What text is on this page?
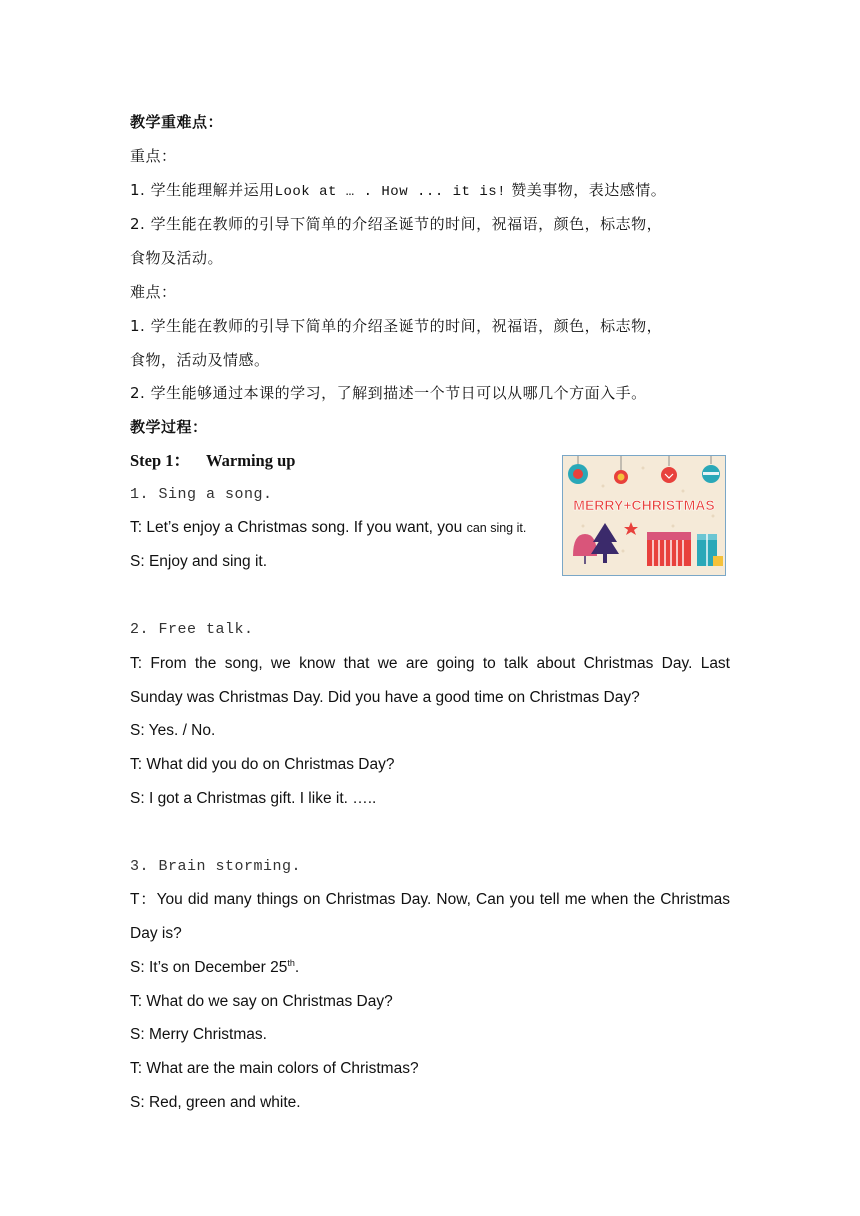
教学重难点：
重点：
1. 学生能理解并运用Look at … . How ... it is! 赞美事物，表达感情。
2. 学生能在教师的引导下简单的介绍圣诞节的时间，祝福语，颜色，标志物，
食物及活动。
难点：
1. 学生能在教师的引导下简单的介绍圣诞节的时间，祝福语，颜色，标志物，
食物，活动及情感。
2. 学生能够通过本课的学习，了解到描述一个节日可以从哪几个方面入手。
教学过程：
Step 1： Warming up
1. Sing a song.
T: Let’s enjoy a Christmas song. If you want, you can sing it.
S: Enjoy and sing it.
MERRY+CHRISTMAS
2. Free talk.
T: From the song, we know that we are going to talk about Christmas Day. Last
Sunday was Christmas Day. Did you have a good time on Christmas Day?
S: Yes. / No.
T: What did you do on Christmas Day?
S: I got a Christmas gift. I like it. …..
3. Brain storming.
T：You did many things on Christmas Day. Now, Can you tell me when the Christmas
Day is?
S: It’s on December 25th.
T: What do we say on Christmas Day?
S: Merry Christmas.
T: What are the main colors of Christmas?
S: Red, green and white.
